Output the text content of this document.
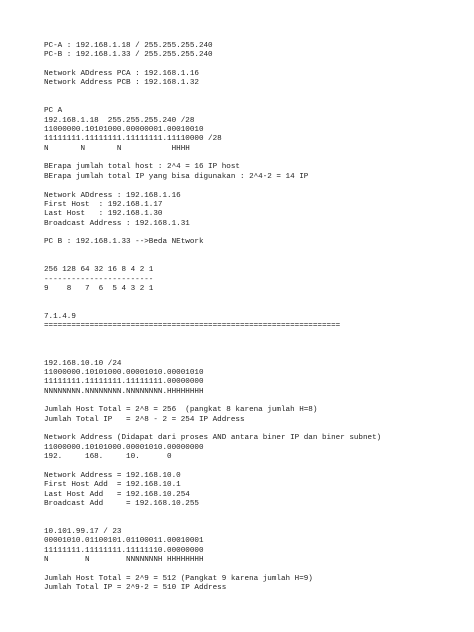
PC-A : 192.168.1.18 / 255.255.255.240
PC-B : 192.168.1.33 / 255.255.255.240

Network ADdress PCA : 192.168.1.16
Network Address PCB : 192.168.1.32

PC A
192.168.1.18  255.255.255.240 /28
11000000.10101000.00000001.00010010
11111111.11111111.11111111.11110000 /28
N       N       N           HHHH

BErapa jumlah total host : 2^4 = 16 IP host
BErapa jumlah total IP yang bisa digunakan : 2^4-2 = 14 IP

Network ADdress : 192.168.1.16
First Host  : 192.168.1.17
Last Host   : 192.168.1.30
Broadcast Address : 192.168.1.31

PC B : 192.168.1.33 -->Beda NEtwork

256 128 64 32 16 8 4 2 1
------------------------
9    8   7  6  5 4 3 2 1

7.1.4.9
=================================================================

192.168.10.10 /24
11000000.10101000.00001010.00001010
11111111.11111111.11111111.00000000
NNNNNNNN.NNNNNNNN.NNNNNNNN.HHHHHHHH

Jumlah Host Total = 2^8 = 256  (pangkat 8 karena jumlah H=8)
Jumlah Total IP   = 2^8 - 2 = 254 IP Address

Network Address (Didapat dari proses AND antara biner IP dan biner subnet)
11000000.10101000.00001010.00000000
192.     168.     10.      0

Network Address = 192.168.10.0
First Host Add  = 192.168.10.1
Last Host Add   = 192.168.10.254
Broadcast Add     = 192.168.10.255

10.101.99.17 / 23
00001010.01100101.01100011.00010001
11111111.11111111.11111110.00000000
N        N        NNNNNNNH HHHHHHHH

Jumlah Host Total = 2^9 = 512 (Pangkat 9 karena jumlah H=9)
Jumlah Total IP = 2^9-2 = 510 IP Address
